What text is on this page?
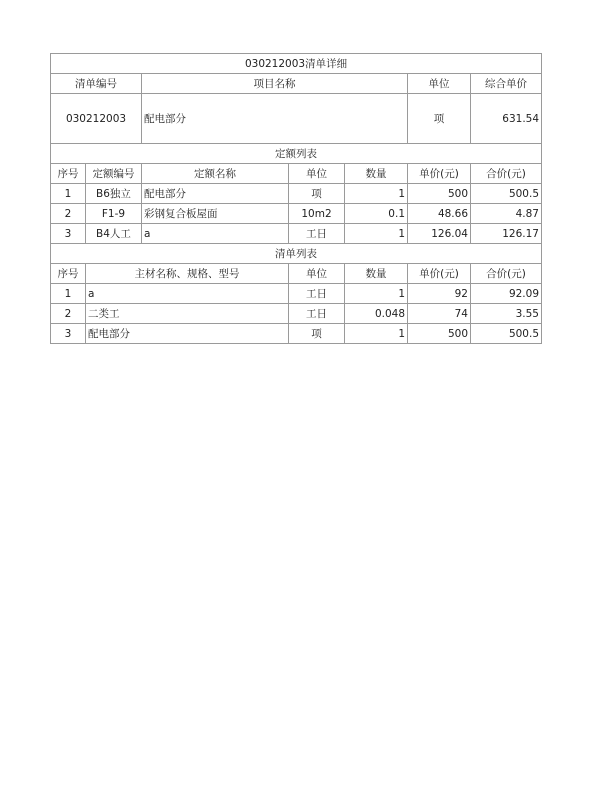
030212003清单详细			
清单编号	项目名称	单位	综合单价
030212003	配电部分	项	631.54
定额列表			
序号	定额编号	定额名称	单位	数量	单价(元)	合价(元)
1	B6独立	配电部分	项	1	500	500.5
2	F1-9	彩钢复合板屋面	10m2	0.1	48.66	4.87
3	B4人工	a	工日	1	126.04	126.17
清单列表						
序号	主材名称、规格、型号	单位	数量	单价(元)	合价(元)
1	a	工日	1	92	92.09
2	二类工	工日	0.048	74	3.55
3	配电部分	项	1	500	500.5
